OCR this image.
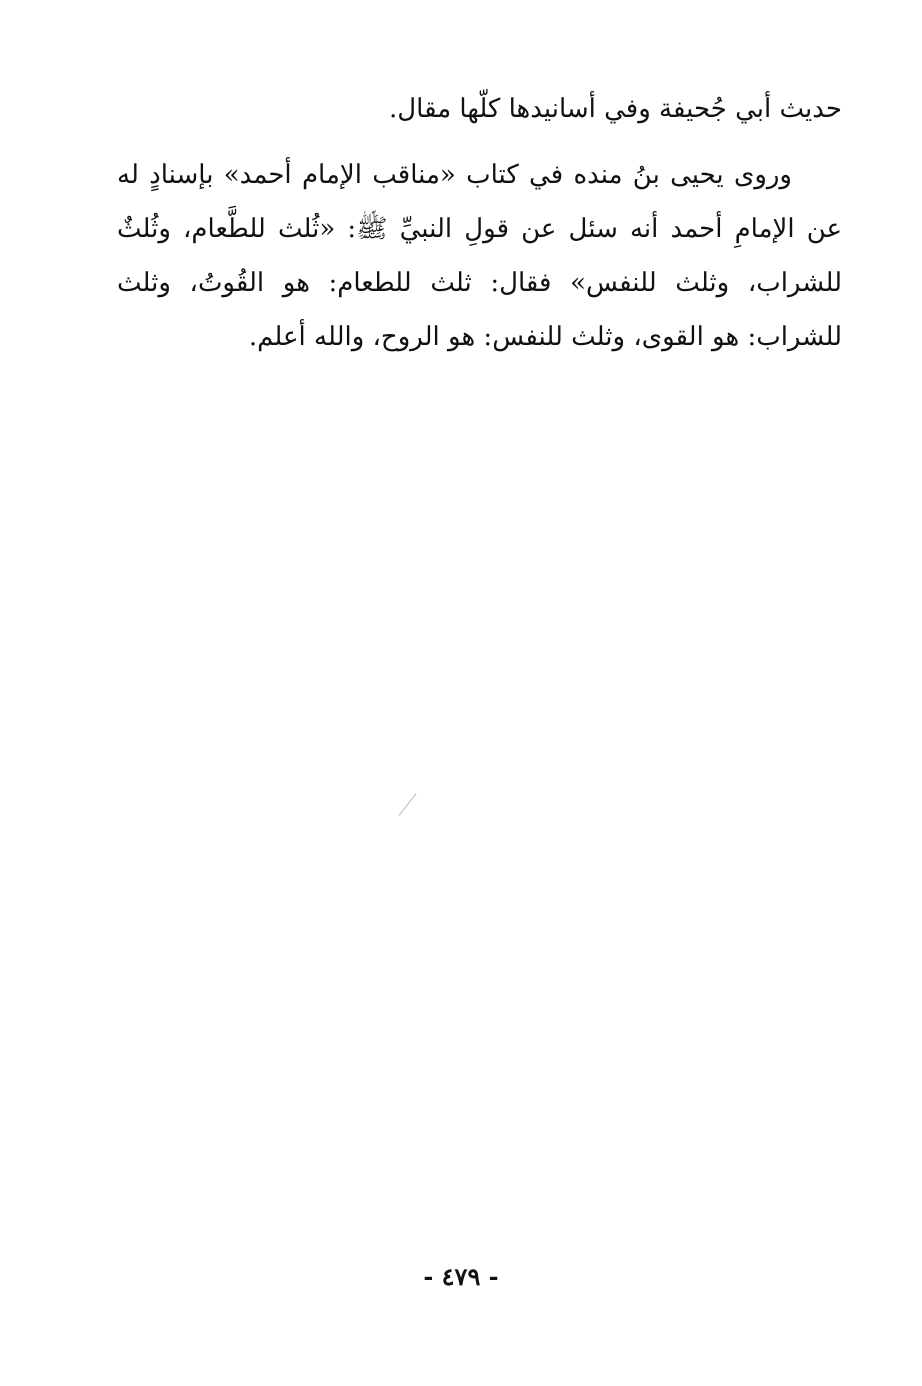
حديث أبي جُحيفة وفي أسانيدها كلّها مقال.

وروى يحيى بنُ منده في كتاب «مناقب الإمام أحمد» بإسنادٍ له عن الإمامِ أحمد أنه سئل عن قولِ النبيِّ ﷺ: «ثُلث للطَّعام، وثُلثٌ للشراب، وثلث للنفس» فقال: ثلث للطعام: هو القُوتُ، وثلث للشراب: هو القوى، وثلث للنفس: هو الروح، والله أعلم.

- ٤٧٩ -
